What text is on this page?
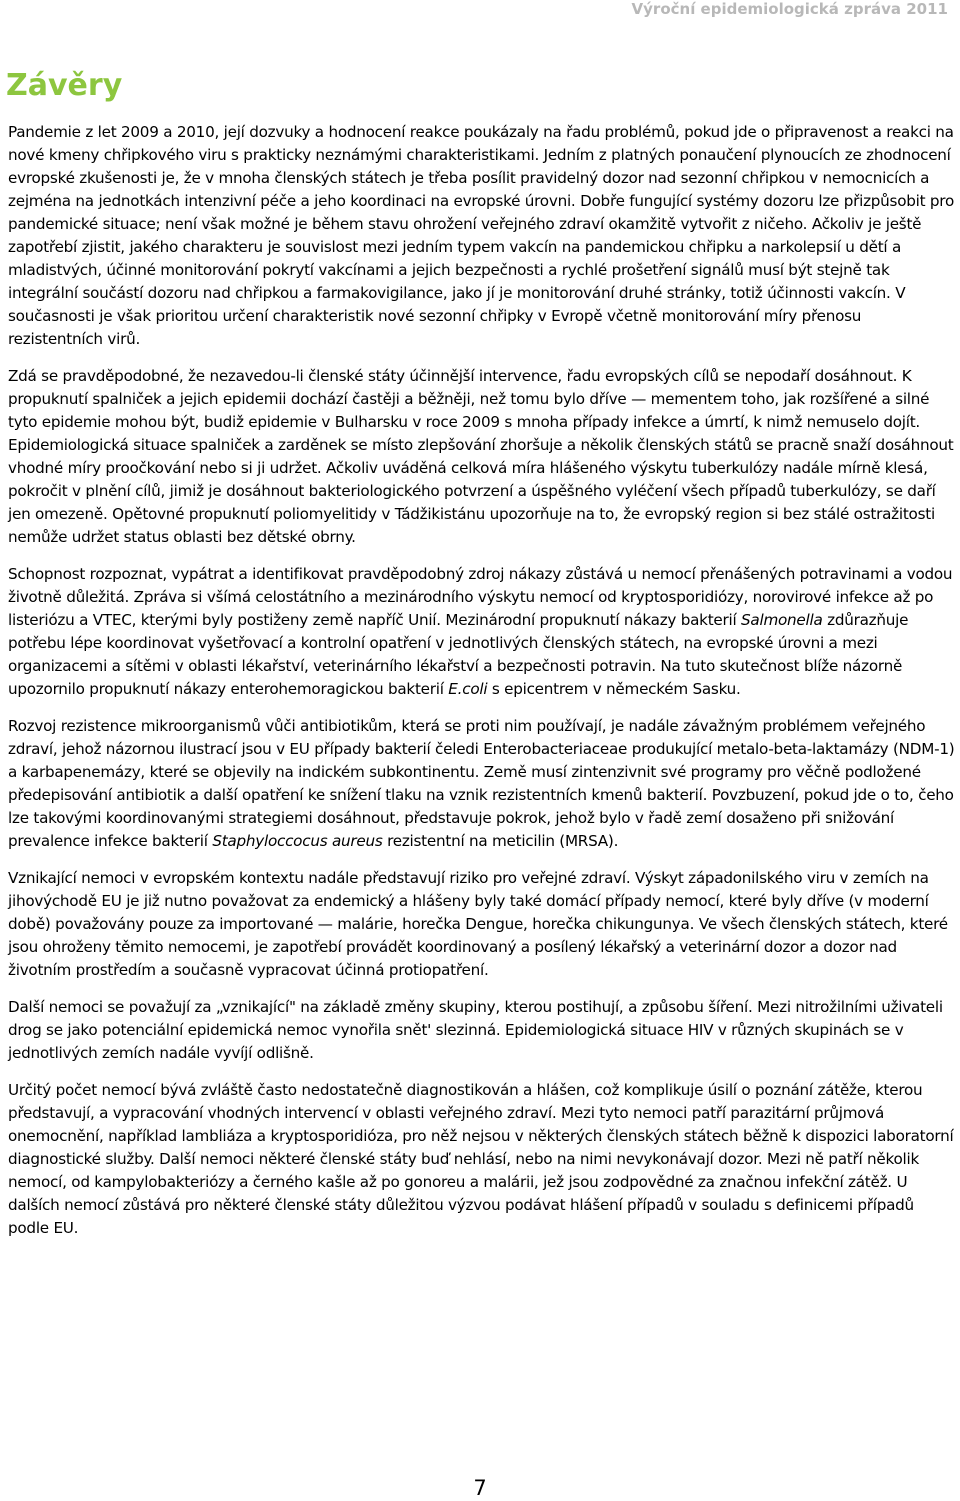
Výroční epidemiologická zpráva 2011
Závěry

Pandemie z let 2009 a 2010, její dozvuky a hodnocení reakce poukázaly na řadu problémů, pokud jde o připravenost a reakci na nové kmeny chřipkového viru s prakticky neznámými charakteristikami. Jedním z platných ponaučení plynoucích ze zhodnocení evropské zkušenosti je, že v mnoha členských státech je třeba posílit pravidelný dozor nad sezonní chřipkou v nemocnicích a zejména na jednotkách intenzivní péče a jeho koordinaci na evropské úrovni. Dobře fungující systémy dozoru lze přizpůsobit pro pandemické situace; není však možné je během stavu ohrožení veřejného zdraví okamžitě vytvořit z ničeho. Ačkoliv je ještě zapotřebí zjistit, jakého charakteru je souvislost mezi jedním typem vakcín na pandemickou chřipku a narkolepsií u dětí a mladistvých, účinné monitorování pokrytí vakcínami a jejich bezpečnosti a rychlé prošetření signálů musí být stejně tak integrální součástí dozoru nad chřipkou a farmakovigilance, jako jí je monitorování druhé stránky, totiž účinnosti vakcín. V současnosti je však prioritou určení charakteristik nové sezonní chřipky v Evropě včetně monitorování míry přenosu rezistentních virů.

Zdá se pravděpodobné, že nezavedou-li členské státy účinnější intervence, řadu evropských cílů se nepodaří dosáhnout. K propuknutí spalniček a jejich epidemii dochází častěji a běžněji, než tomu bylo dříve — mementem toho, jak rozšířené a silné tyto epidemie mohou být, budiž epidemie v Bulharsku v roce 2009 s mnoha případy infekce a úmrtí, k nimž nemuselo dojít. Epidemiologická situace spalniček a zarděnek se místo zlepšování zhoršuje a několik členských států se pracně snaží dosáhnout vhodné míry proočkování nebo si ji udržet. Ačkoliv uváděná celková míra hlášeného výskytu tuberkulózy nadále mírně klesá, pokročit v plnění cílů, jimiž je dosáhnout bakteriologického potvrzení a úspěšného vyléčení všech případů tuberkulózy, se daří jen omezeně. Opětovné propuknutí poliomyelitidy v Tádžikistánu upozorňuje na to, že evropský region si bez stálé ostražitosti nemůže udržet status oblasti bez dětské obrny.

Schopnost rozpoznat, vypátrat a identifikovat pravděpodobný zdroj nákazy zůstává u nemocí přenášených potravinami a vodou životně důležitá. Zpráva si všímá celostátního a mezinárodního výskytu nemocí od kryptosporidiózy, norovirové infekce až po listeriózu a VTEC, kterými byly postiženy země napříč Unií. Mezinárodní propuknutí nákazy bakterií Salmonella zdůrazňuje potřebu lépe koordinovat vyšetřovací a kontrolní opatření v jednotlivých členských státech, na evropské úrovni a mezi organizacemi a sítěmi v oblasti lékařství, veterinárního lékařství a bezpečnosti potravin. Na tuto skutečnost blíže názorně upozornilo propuknutí nákazy enterohemoragickou bakterií E.coli s epicentrem v německém Sasku.

Rozvoj rezistence mikroorganismů vůči antibiotikům, která se proti nim používají, je nadále závažným problémem veřejného zdraví, jehož názornou ilustrací jsou v EU případy bakterií čeledi Enterobacteriaceae produkující metalo-beta-laktamázy (NDM-1) a karbapenemázy, které se objevily na indickém subkontinentu. Země musí zintenzivnit své programy pro věčně podložené předepisování antibiotik a další opatření ke snížení tlaku na vznik rezistentních kmenů bakterií. Povzbuzení, pokud jde o to, čeho lze takovými koordinovanými strategiemi dosáhnout, představuje pokrok, jehož bylo v řadě zemí dosaženo při snižování prevalence infekce bakterií Staphyloccocus aureus rezistentní na meticilin (MRSA).

Vznikající nemoci v evropském kontextu nadále představují riziko pro veřejné zdraví. Výskyt západonilského viru v zemích na jihovýchodě EU je již nutno považovat za endemický a hlášeny byly také domácí případy nemocí, které byly dříve (v moderní době) považovány pouze za importované — malárie, horečka Dengue, horečka chikungunya. Ve všech členských státech, které jsou ohroženy těmito nemocemi, je zapotřebí provádět koordinovaný a posílený lékařský a veterinární dozor a dozor nad životním prostředím a současně vypracovat účinná protiopatření.

Další nemoci se považují za „vznikající" na základě změny skupiny, kterou postihují, a způsobu šíření. Mezi nitrožilními uživateli drog se jako potenciální epidemická nemoc vynořila snět' slezinná. Epidemiologická situace HIV v různých skupinách se v jednotlivých zemích nadále vyvíjí odlišně.

Určitý počet nemocí bývá zvláště často nedostatečně diagnostikován a hlášen, což komplikuje úsilí o poznání zátěže, kterou představují, a vypracování vhodných intervencí v oblasti veřejného zdraví. Mezi tyto nemoci patří parazitární průjmová onemocnění, například lambliáza a kryptosporidióza, pro něž nejsou v některých členských státech běžně k dispozici laboratorní diagnostické služby. Další nemoci některé členské státy buď nehlásí, nebo na nimi nevykonávají dozor. Mezi ně patří několik nemocí, od kampylobakteriózy a černého kašle až po gonoreu a malárii, jež jsou zodpovědné za značnou infekční zátěž. U dalších nemocí zůstává pro některé členské státy důležitou výzvou podávat hlášení případů v souladu s definicemi případů podle EU.

7
